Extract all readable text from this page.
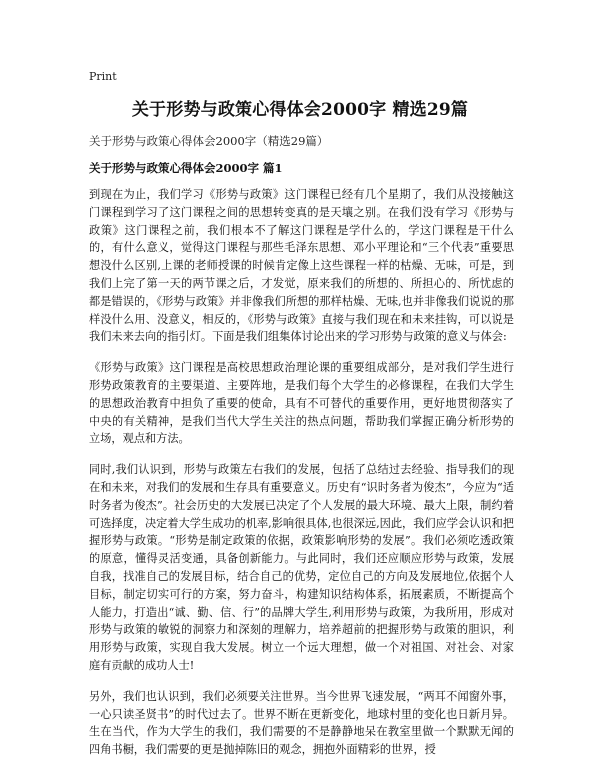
Print
关于形势与政策心得体会2000字 精选29篇
关于形势与政策心得体会2000字（精选29篇）
关于形势与政策心得体会2000字 篇1

到现在为止，我们学习《形势与政策》这门课程已经有几个星期了，我们从没接触这门课程到学习了这门课程之间的思想转变真的是天壤之别。在我们没有学习《形势与政策》这门课程之前，我们根本不了解这门课程是学什么的，学这门课程是干什么的，有什么意义，觉得这门课程与那些毛泽东思想、邓小平理论和“三个代表”重要思想没什么区别,上课的老师授课的时候肯定像上这些课程一样的枯燥、无味，可是，到我们上完了第一天的两节课之后，才发觉，原来我们的所想的、所担心的、所忧虑的都是错误的，《形势与政策》并非像我们所想的那样枯燥、无味,也并非像我们说说的那样没什么用、没意义，相反的，《形势与政策》直接与我们现在和未来挂钩，可以说是我们未来去向的指引灯。下面是我们组集体讨论出来的学习形势与政策的意义与体会:

《形势与政策》这门课程是高校思想政治理论课的重要组成部分，是对我们学生进行形势政策教育的主要渠道、主要阵地，是我们每个大学生的必修课程，在我们大学生的思想政治教育中担负了重要的使命，具有不可替代的重要作用，更好地贯彻落实了中央的有关精神，是我们当代大学生关注的热点问题，帮助我们掌握正确分析形势的立场，观点和方法。

同时,我们认识到，形势与政策左右我们的发展，包括了总结过去经验、指导我们的现在和未来，对我们的发展和生存具有重要意义。历史有“识时务者为俊杰”，今应为“适时务者为俊杰”。社会历史的大发展已决定了个人发展的最大环境、最大上限，制约着可选择度，决定着大学生成功的机率,影响很具体,也很深远,因此，我们应学会认识和把握形势与政策。“形势是制定政策的依据，政策影响形势的发展”。我们必须吃透政策的原意，懂得灵活变通，具备创新能力。与此同时，我们还应顺应形势与政策，发展自我，找准自己的发展目标，结合自己的优势，定位自己的方向及发展地位,依据个人目标，制定切实可行的方案，努力奋斗，构建知识结构体系，拓展素质，不断提高个人能力，打造出“诚、勤、信、行”的品牌大学生,利用形势与政策，为我所用，形成对形势与政策的敏锐的洞察力和深刻的理解力，培养超前的把握形势与政策的胆识，利用形势与政策，实现自我大发展。树立一个远大理想，做一个对祖国、对社会、对家庭有贡献的成功人士!

另外，我们也认识到，我们必须要关注世界。当今世界飞速发展，“两耳不闻窗外事，一心只读圣贤书”的时代过去了。世界不断在更新变化，地球村里的变化也日新月异。生在当代，作为大学生的我们，我们需要的不是静静地呆在教室里做一个默默无闻的四角书橱，我们需要的更是抛掉陈旧的观念，拥抱外面精彩的世界，授
